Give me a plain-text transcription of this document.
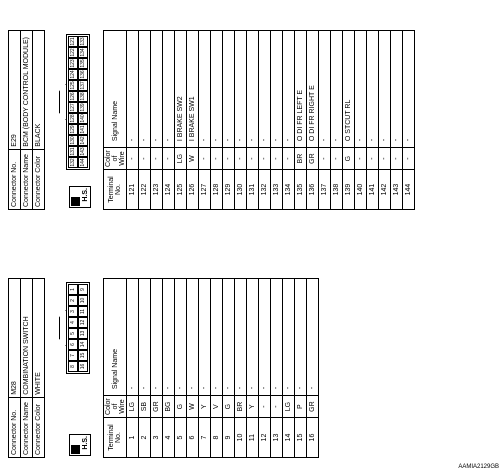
Connector No.	M28
Connector Name	COMBINATION SWITCH
Connector Color	WHITE
H.S.
8
7
6
5
4
3
2
1
16
15
14
13
12
11
10
9
Terminal No.	Color of Wire	Signal Name
1	LG	-
2	SB	-
3	GR	-
4	BG	-
5	G	-
6	W	-
7	Y	-
8	V	-
9	G	-
10	BR	-
11	Y	-
12	-	-
13	-	-
14	LG	-
15	P	-
16	GR	-
Connector No.	E29
Connector Name	BCM (BODY CONTROL MODULE)
Connector Color	BLACK
H.S.
132
131
130
129
128
127
126
125
124
123
122
121
144
143
142
141
140
139
138
137
136
135
134
133
Terminal No.	Color of Wire	Signal Name
121	-	-
122	-	-
123	-	-
124	-	-
125	LG	I BRAKE SW2
126	W	I BRAKE SW1
127	-	-
128	-	-
129	-	-
130	-	-
131	-	-
132	-	-
133	-	-
134	-	-
135	BR	O DI FR LEFT E
136	GR	O DI FR RIGHT E
137	-	-
138	-	-
139	G	O STCUT RL
140	-	-
141	-	-
142	-	-
143	-	-
144	-	-
AAMIA2129GB
